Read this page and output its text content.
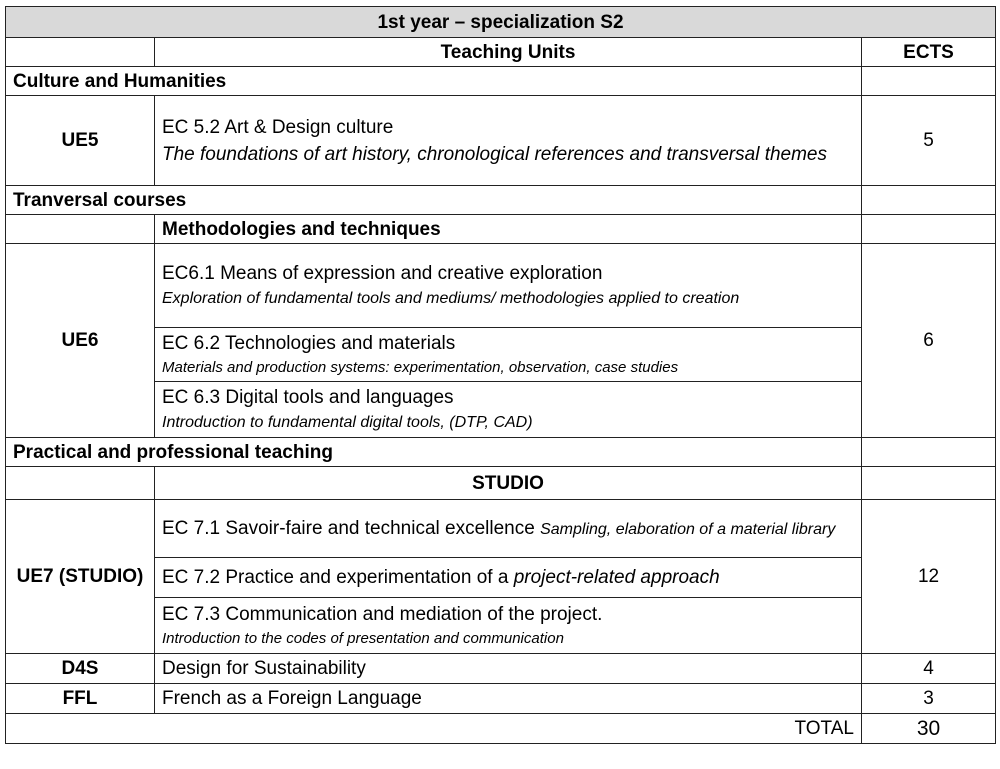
1st year – specialization S2		
	Teaching Units	ECTS
Culture and Humanities		
UE5	EC 5.2 Art & Design culture
The foundations of art history, chronological references and transversal themes	5
Tranversal courses		
	Methodologies and techniques	
UE6	EC6.1 Means of expression and creative exploration
Exploration of fundamental tools and mediums/ methodologies applied to creation	6

	EC 6.2 Technologies and materials
Materials and production systems: experimentation, observation, case studies	

	EC 6.3 Digital tools and languages
Introduction to fundamental digital tools, (DTP, CAD)	

Practical and professional teaching		
	STUDIO	
UE7 (STUDIO)	EC 7.1 Savoir-faire and technical excellence Sampling, elaboration of a material library	12
	EC 7.2 Practice and experimentation of a project-related approach	

	EC 7.3 Communication and mediation of the project.
Introduction to the codes of presentation and communication	

D4S	Design for Sustainability	4
FFL	French as a Foreign Language	3
TOTAL		30
